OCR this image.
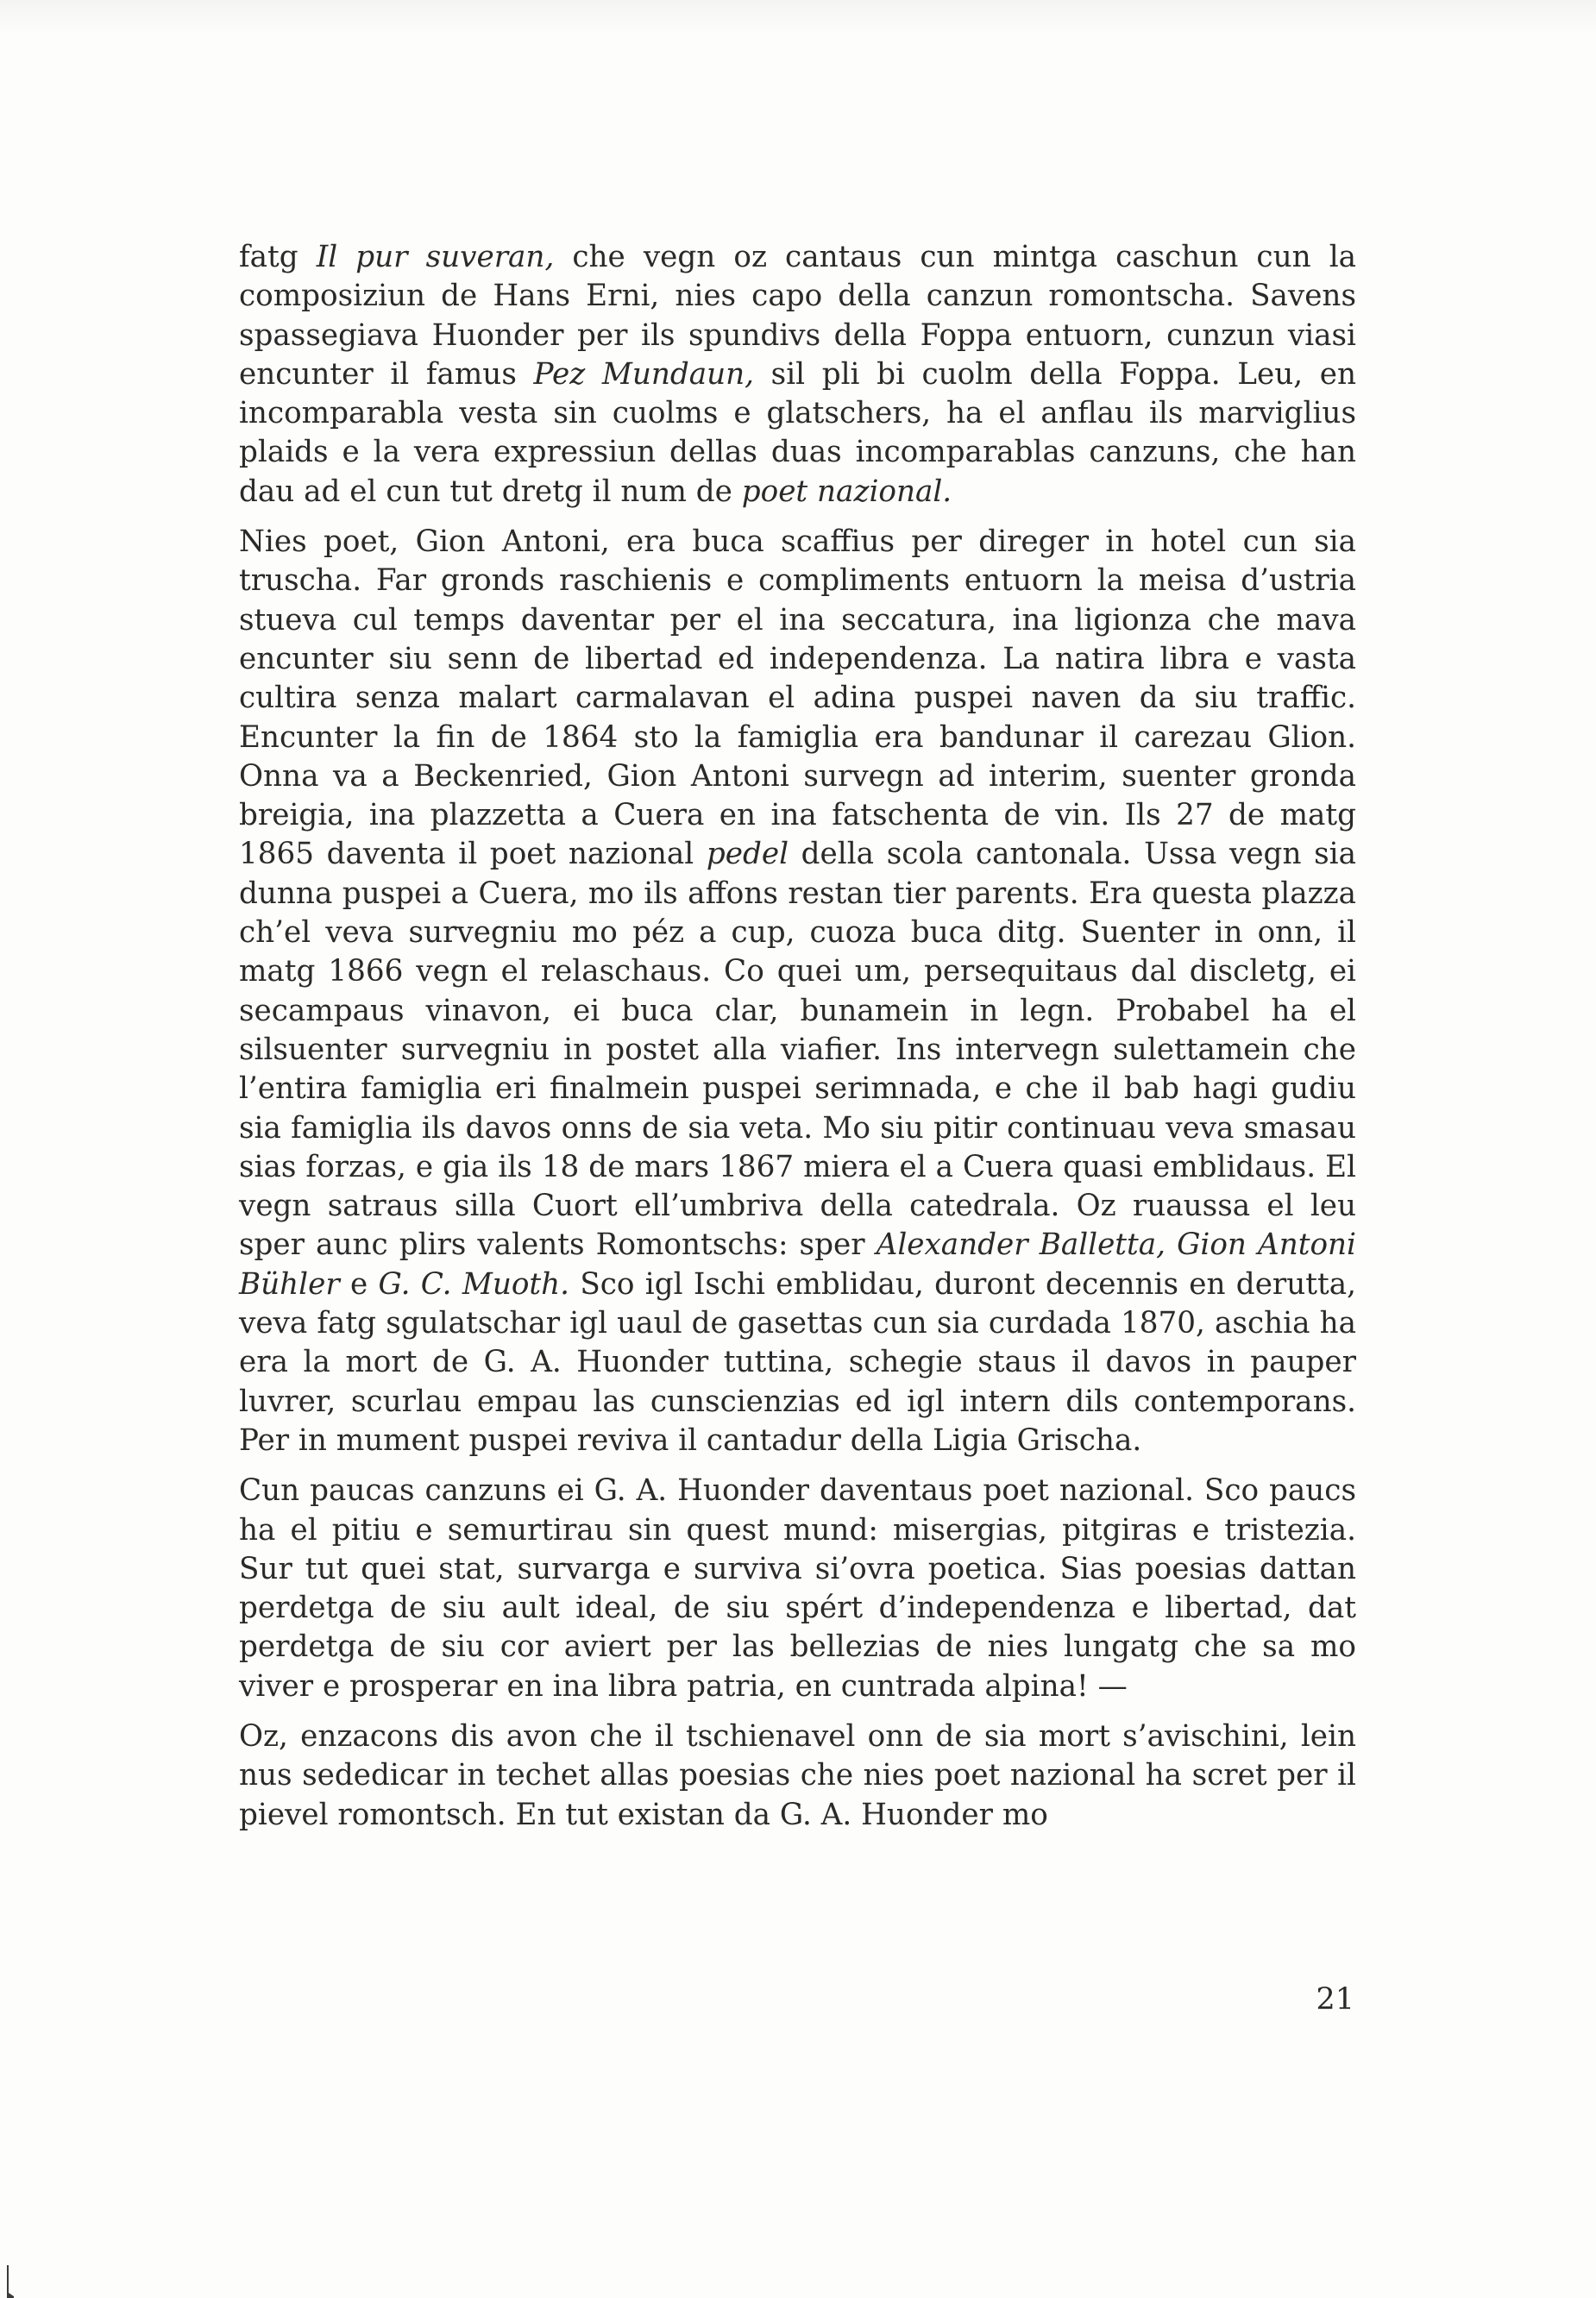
fatg Il pur suveran, che vegn oz cantaus cun mintga caschun cun la composiziun de Hans Erni, nies capo della canzun romontscha. Savens spassegiava Huonder per ils spundivs della Foppa entuorn, cunzun viasi encunter il famus Pez Mundaun, sil pli bi cuolm della Foppa. Leu, en incomparabla vesta sin cuolms e glatschers, ha el anflau ils marviglius plaids e la vera expressiun dellas duas incomparablas canzuns, che han dau ad el cun tut dretg il num de poet nazional.

Nies poet, Gion Antoni, era buca scaffius per direger in hotel cun sia truscha. Far gronds raschienis e compliments entuorn la meisa d’ustria stueva cul temps daventar per el ina seccatura, ina ligionza che mava encunter siu senn de libertad ed independenza. La natira libra e vasta cultira senza malart carmalavan el adina puspei naven da siu traffic. Encunter la fin de 1864 sto la famiglia era bandunar il carezau Glion. Onna va a Beckenried, Gion Antoni survegn ad interim, suenter gronda breigia, ina plazzetta a Cuera en ina fatschenta de vin. Ils 27 de matg 1865 daventa il poet nazional pedel della scola cantonala. Ussa vegn sia dunna puspei a Cuera, mo ils affons restan tier parents. Era questa plazza ch’el veva survegniu mo péz a cup, cuoza buca ditg. Suenter in onn, il matg 1866 vegn el relaschaus. Co quei um, persequitaus dal discletg, ei secampaus vinavon, ei buca clar, bunamein in legn. Probabel ha el silsuenter survegniu in postet alla viafier. Ins intervegn sulettamein che l’entira famiglia eri finalmein puspei serimnada, e che il bab hagi gudiu sia famiglia ils davos onns de sia veta. Mo siu pitir continuau veva smasau sias forzas, e gia ils 18 de mars 1867 miera el a Cuera quasi emblidaus. El vegn satraus silla Cuort ell’umbriva della catedrala. Oz ruaussa el leu sper aunc plirs valents Romontschs: sper Alexander Balletta, Gion Antoni Bühler e G. C. Muoth. Sco igl Ischi emblidau, duront decennis en derutta, veva fatg sgulatschar igl uaul de gasettas cun sia curdada 1870, aschia ha era la mort de G. A. Huonder tuttina, schegie staus il davos in pauper luvrer, scurlau empau las cunscienzias ed igl intern dils contemporans. Per in mument puspei reviva il cantadur della Ligia Grischa.

Cun paucas canzuns ei G. A. Huonder daventaus poet nazional. Sco paucs ha el pitiu e semurtirau sin quest mund: misergias, pitgiras e tristezia. Sur tut quei stat, survarga e surviva si’ovra poetica. Sias poesias dattan perdetga de siu ault ideal, de siu spért d’independenza e libertad, dat perdetga de siu cor aviert per las bellezias de nies lungatg che sa mo viver e prosperar en ina libra patria, en cuntrada alpina! —

Oz, enzacons dis avon che il tschienavel onn de sia mort s’avischini, lein nus sededicar in techet allas poesias che nies poet nazional ha scret per il pievel romontsch. En tut existan da G. A. Huonder mo

21
